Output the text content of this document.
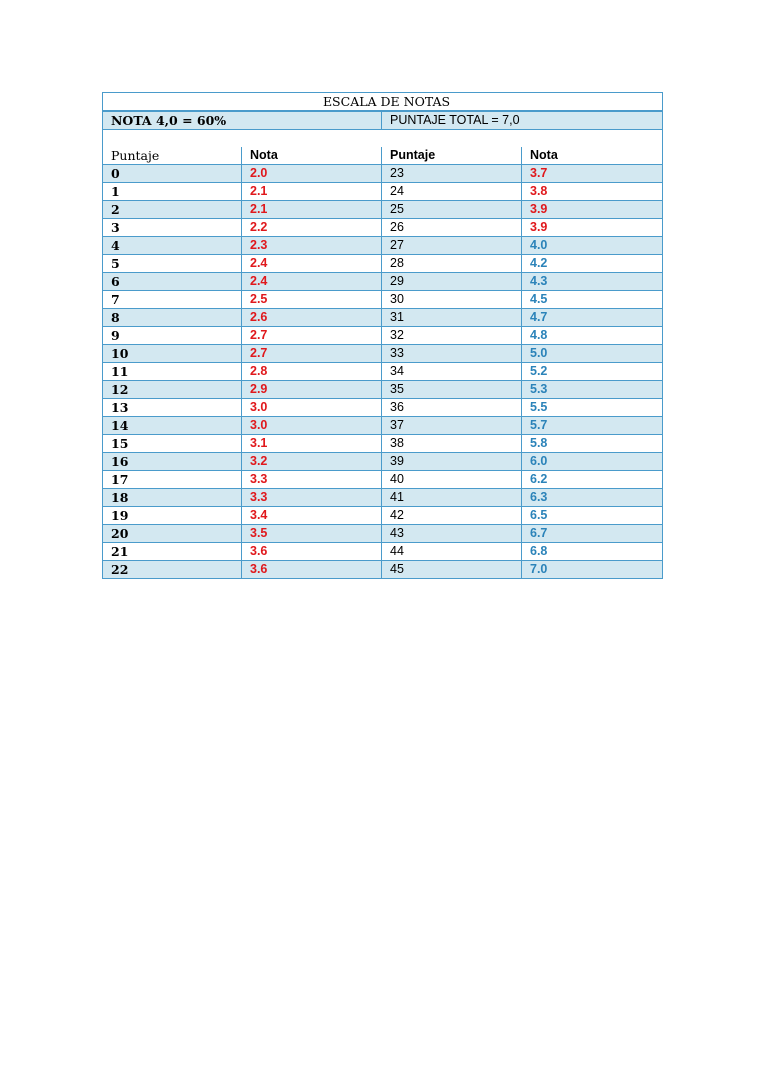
ESCALA DE NOTAS			
NOTA 4,0 = 60%		PUNTAJE TOTAL = 7,0	

Puntaje	Nota	Puntaje	Nota
0	2.0	23	3.7
1	2.1	24	3.8
2	2.1	25	3.9
3	2.2	26	3.9
4	2.3	27	4.0
5	2.4	28	4.2
6	2.4	29	4.3
7	2.5	30	4.5
8	2.6	31	4.7
9	2.7	32	4.8
10	2.7	33	5.0
11	2.8	34	5.2
12	2.9	35	5.3
13	3.0	36	5.5
14	3.0	37	5.7
15	3.1	38	5.8
16	3.2	39	6.0
17	3.3	40	6.2
18	3.3	41	6.3
19	3.4	42	6.5
20	3.5	43	6.7
21	3.6	44	6.8
22	3.6	45	7.0
